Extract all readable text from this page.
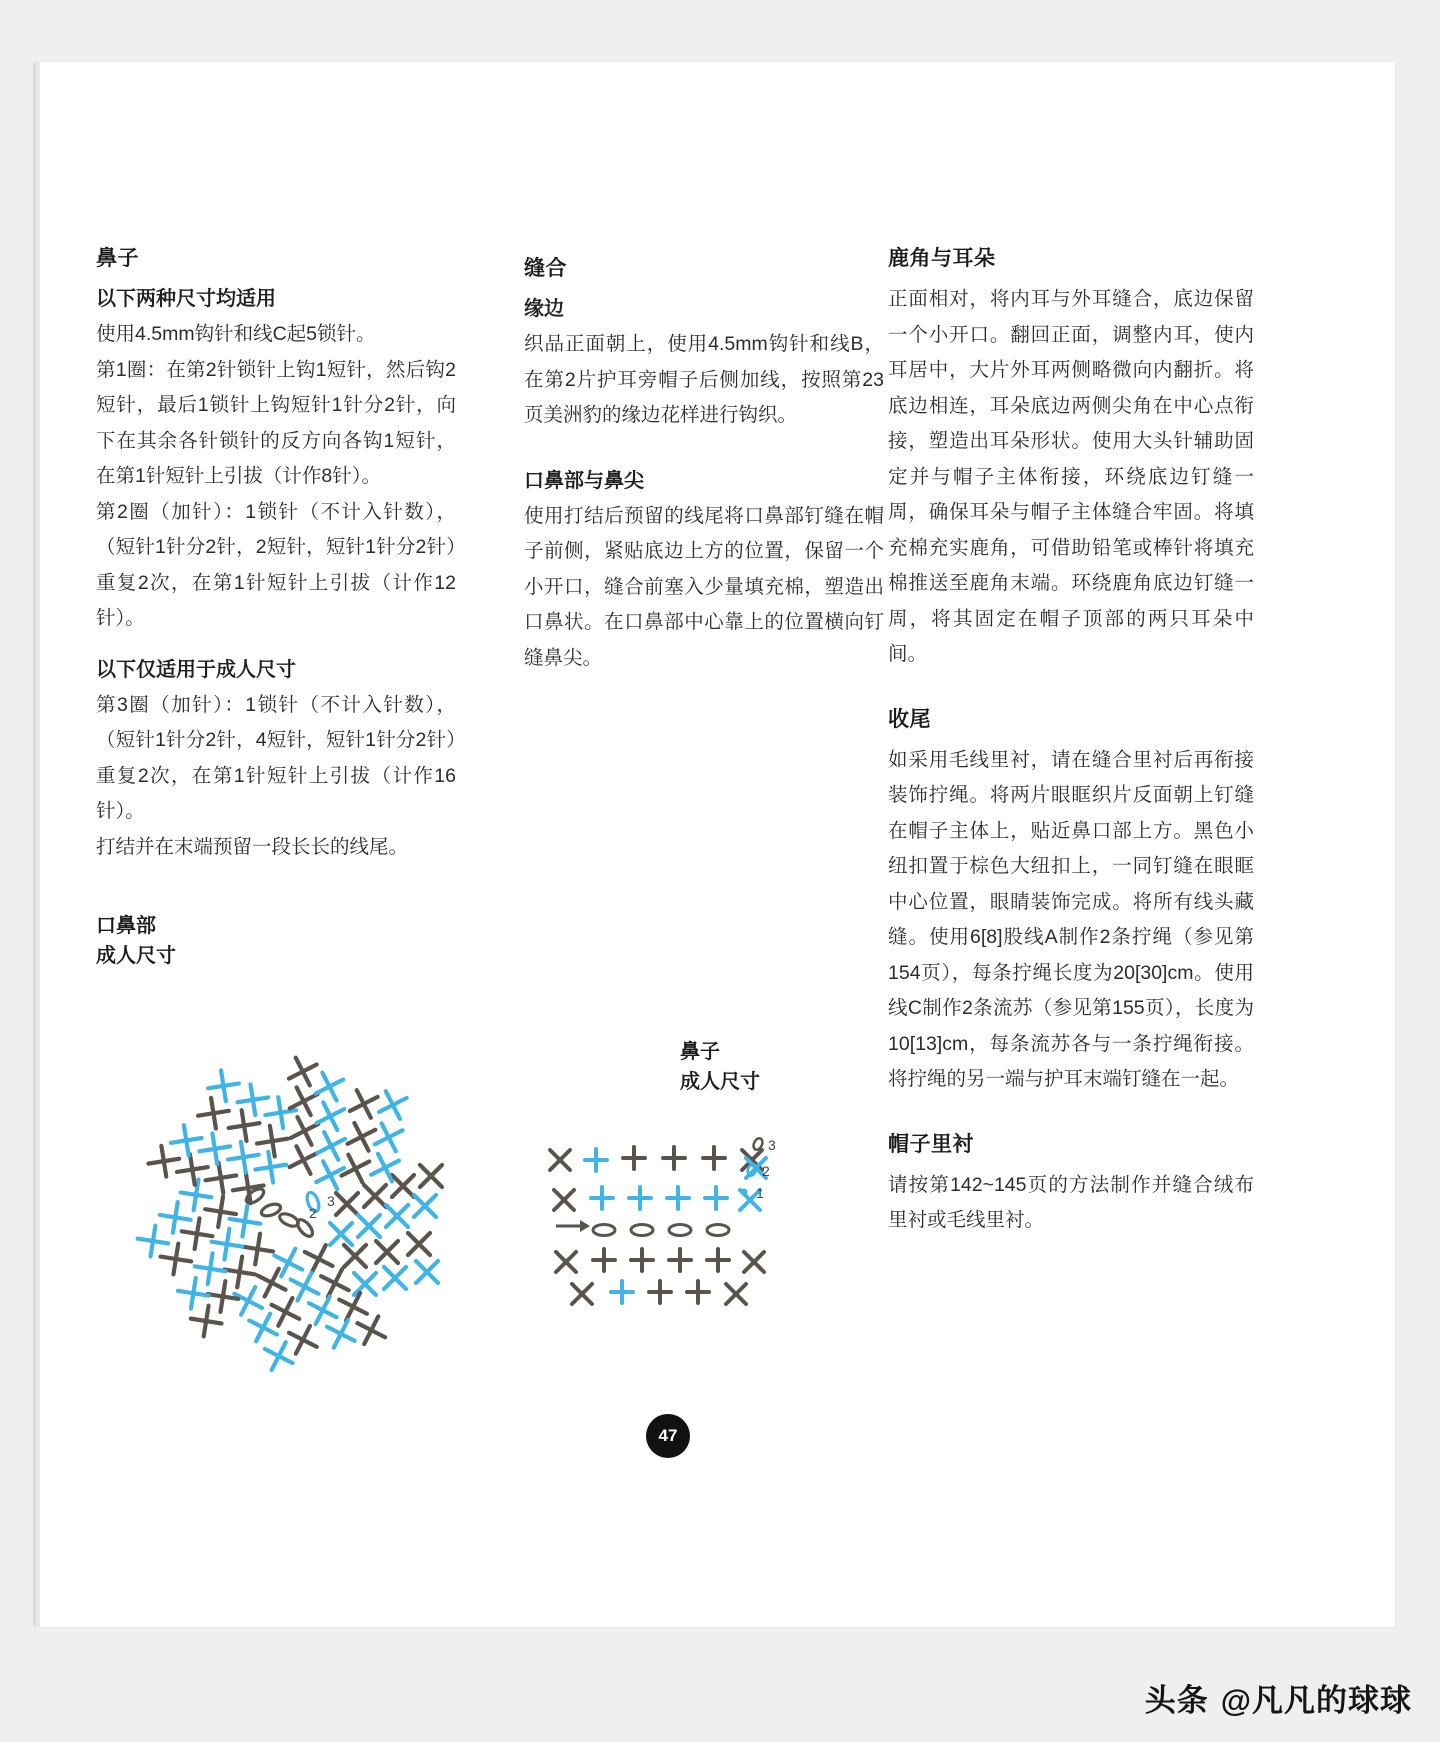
鼻子
以下两种尺寸均适用

使用4.5mm钩针和线C起5锁针。

第1圈：在第2针锁针上钩1短针，然后钩2短针，最后1锁针上钩短针1针分2针，向下在其余各针锁针的反方向各钩1短针，在第1针短针上引拔（计作8针）。

第2圈（加针）：1锁针（不计入针数），（短针1针分2针，2短针，短针1针分2针）重复2次，在第1针短针上引拔（计作12针）。

以下仅适用于成人尺寸

第3圈（加针）：1锁针（不计入针数），（短针1针分2针，4短针，短针1针分2针）重复2次，在第1针短针上引拔（计作16针）。

打结并在末端预留一段长长的线尾。

口鼻部
成人尺寸
缝合
缘边

织品正面朝上，使用4.5mm钩针和线B，在第2片护耳旁帽子后侧加线，按照第23页美洲豹的缘边花样进行钩织。

口鼻部与鼻尖

使用打结后预留的线尾将口鼻部钉缝在帽子前侧，紧贴底边上方的位置，保留一个小开口，缝合前塞入少量填充棉，塑造出口鼻状。在口鼻部中心靠上的位置横向钉缝鼻尖。

鹿角与耳朵

正面相对，将内耳与外耳缝合，底边保留一个小开口。翻回正面，调整内耳，使内耳居中，大片外耳两侧略微向内翻折。将底边相连，耳朵底边两侧尖角在中心点衔接，塑造出耳朵形状。使用大头针辅助固定并与帽子主体衔接，环绕底边钉缝一周，确保耳朵与帽子主体缝合牢固。将填充棉充实鹿角，可借助铅笔或棒针将填充棉推送至鹿角末端。环绕鹿角底边钉缝一周，将其固定在帽子顶部的两只耳朵中间。

收尾

如采用毛线里衬，请在缝合里衬后再衔接装饰拧绳。将两片眼眶织片反面朝上钉缝在帽子主体上，贴近鼻口部上方。黑色小纽扣置于棕色大纽扣上，一同钉缝在眼眶中心位置，眼睛装饰完成。将所有线头藏缝。使用6[8]股线A制作2条拧绳（参见第154页），每条拧绳长度为20[30]cm。使用线C制作2条流苏（参见第155页），长度为10[13]cm，每条流苏各与一条拧绳衔接。将拧绳的另一端与护耳末端钉缝在一起。

帽子里衬

请按第142~145页的方法制作并缝合绒布里衬或毛线里衬。

2
3
3
2
1
鼻子
成人尺寸
47
头条 @凡凡的球球
